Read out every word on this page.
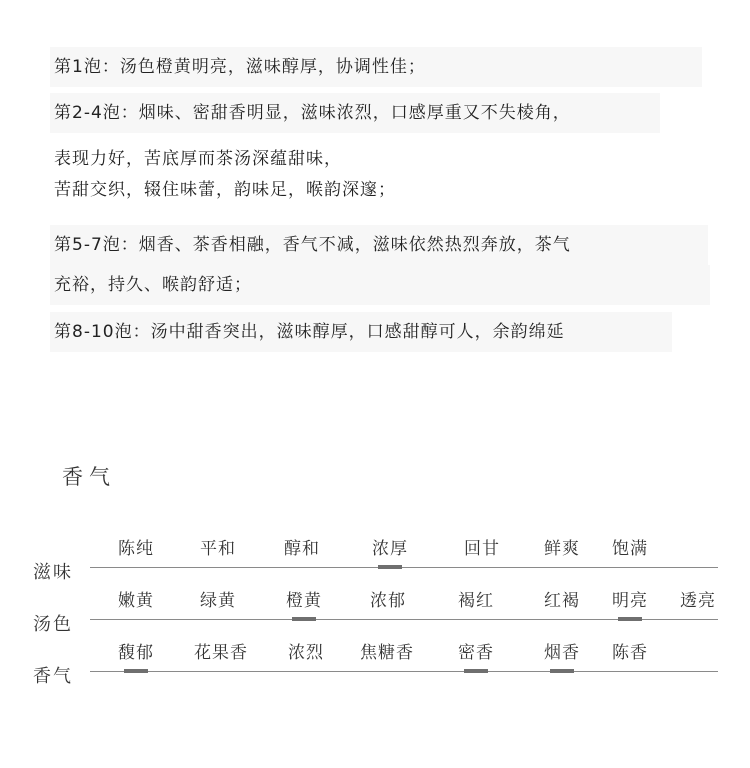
第1泡：汤色橙黄明亮，滋味醇厚，协调性佳；
第2-4泡：烟味、密甜香明显，滋味浓烈，口感厚重又不失棱角，
表现力好，苦底厚而茶汤深蕴甜味，
苦甜交织，辍住味蕾，韵味足，喉韵深邃；
第5-7泡：烟香、茶香相融，香气不减，滋味依然热烈奔放，茶气
充裕，持久、喉韵舒适；
第8-10泡：汤中甜香突出，滋味醇厚，口感甜醇可人，余韵绵延
香气
滋味
陈纯	平和	醇和	浓厚	回甘	鲜爽 饱满
汤色
嫩黄	绿黄	橙黄	浓郁	褐红	红褐 明亮 透亮
香气
馥郁 花果香 浓烈 焦糖香	密香	烟香 陈香
